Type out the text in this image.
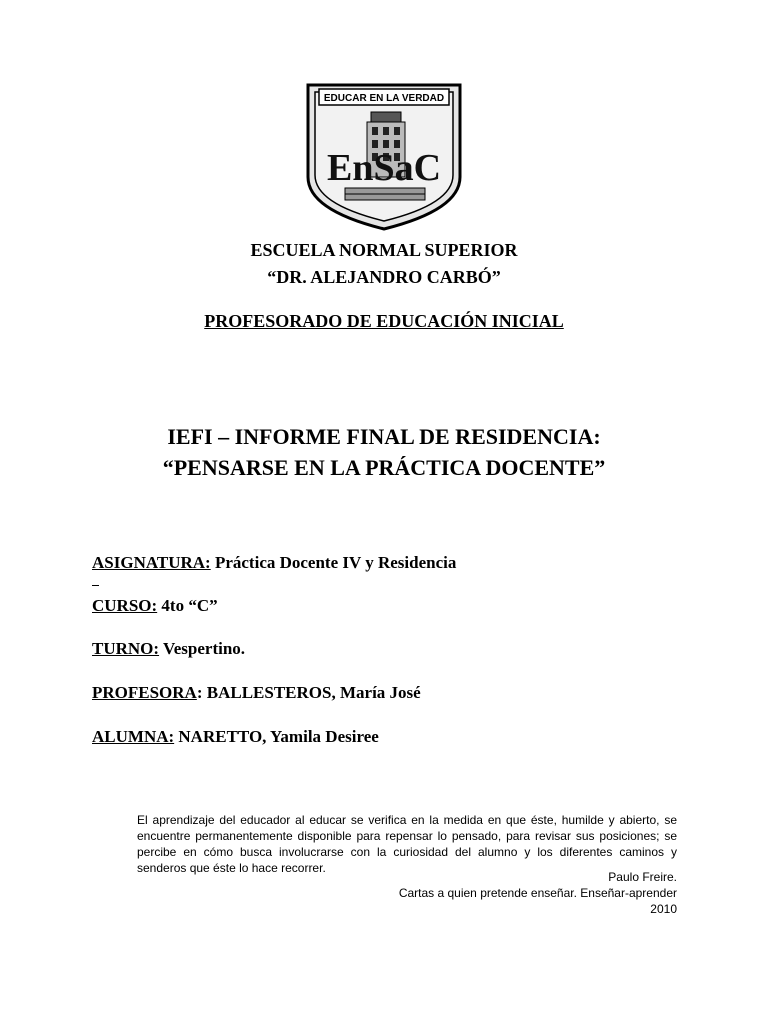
EDUCAR EN LA VERDAD
EnSaC
ESCUELA NORMAL SUPERIOR
“DR. ALEJANDRO CARBÓ”
PROFESORADO DE EDUCACIÓN INICIAL
IEFI – INFORME FINAL DE RESIDENCIA:
“PENSARSE EN LA PRÁCTICA DOCENTE”
ASIGNATURA: Práctica Docente IV y Residencia
CURSO: 4to “C”
TURNO: Vespertino.
PROFESORA: BALLESTEROS, María José
ALUMNA: NARETTO, Yamila Desiree
El aprendizaje del educador al educar se verifica en la medida en que éste, humilde y abierto, se encuentre permanentemente disponible para repensar lo pensado, para revisar sus posiciones; se percibe en cómo busca involucrarse con la curiosidad del alumno y los diferentes caminos y senderos que éste lo hace recorrer.
Paulo Freire.
Cartas a quien pretende enseñar. Enseñar-aprender
2010
